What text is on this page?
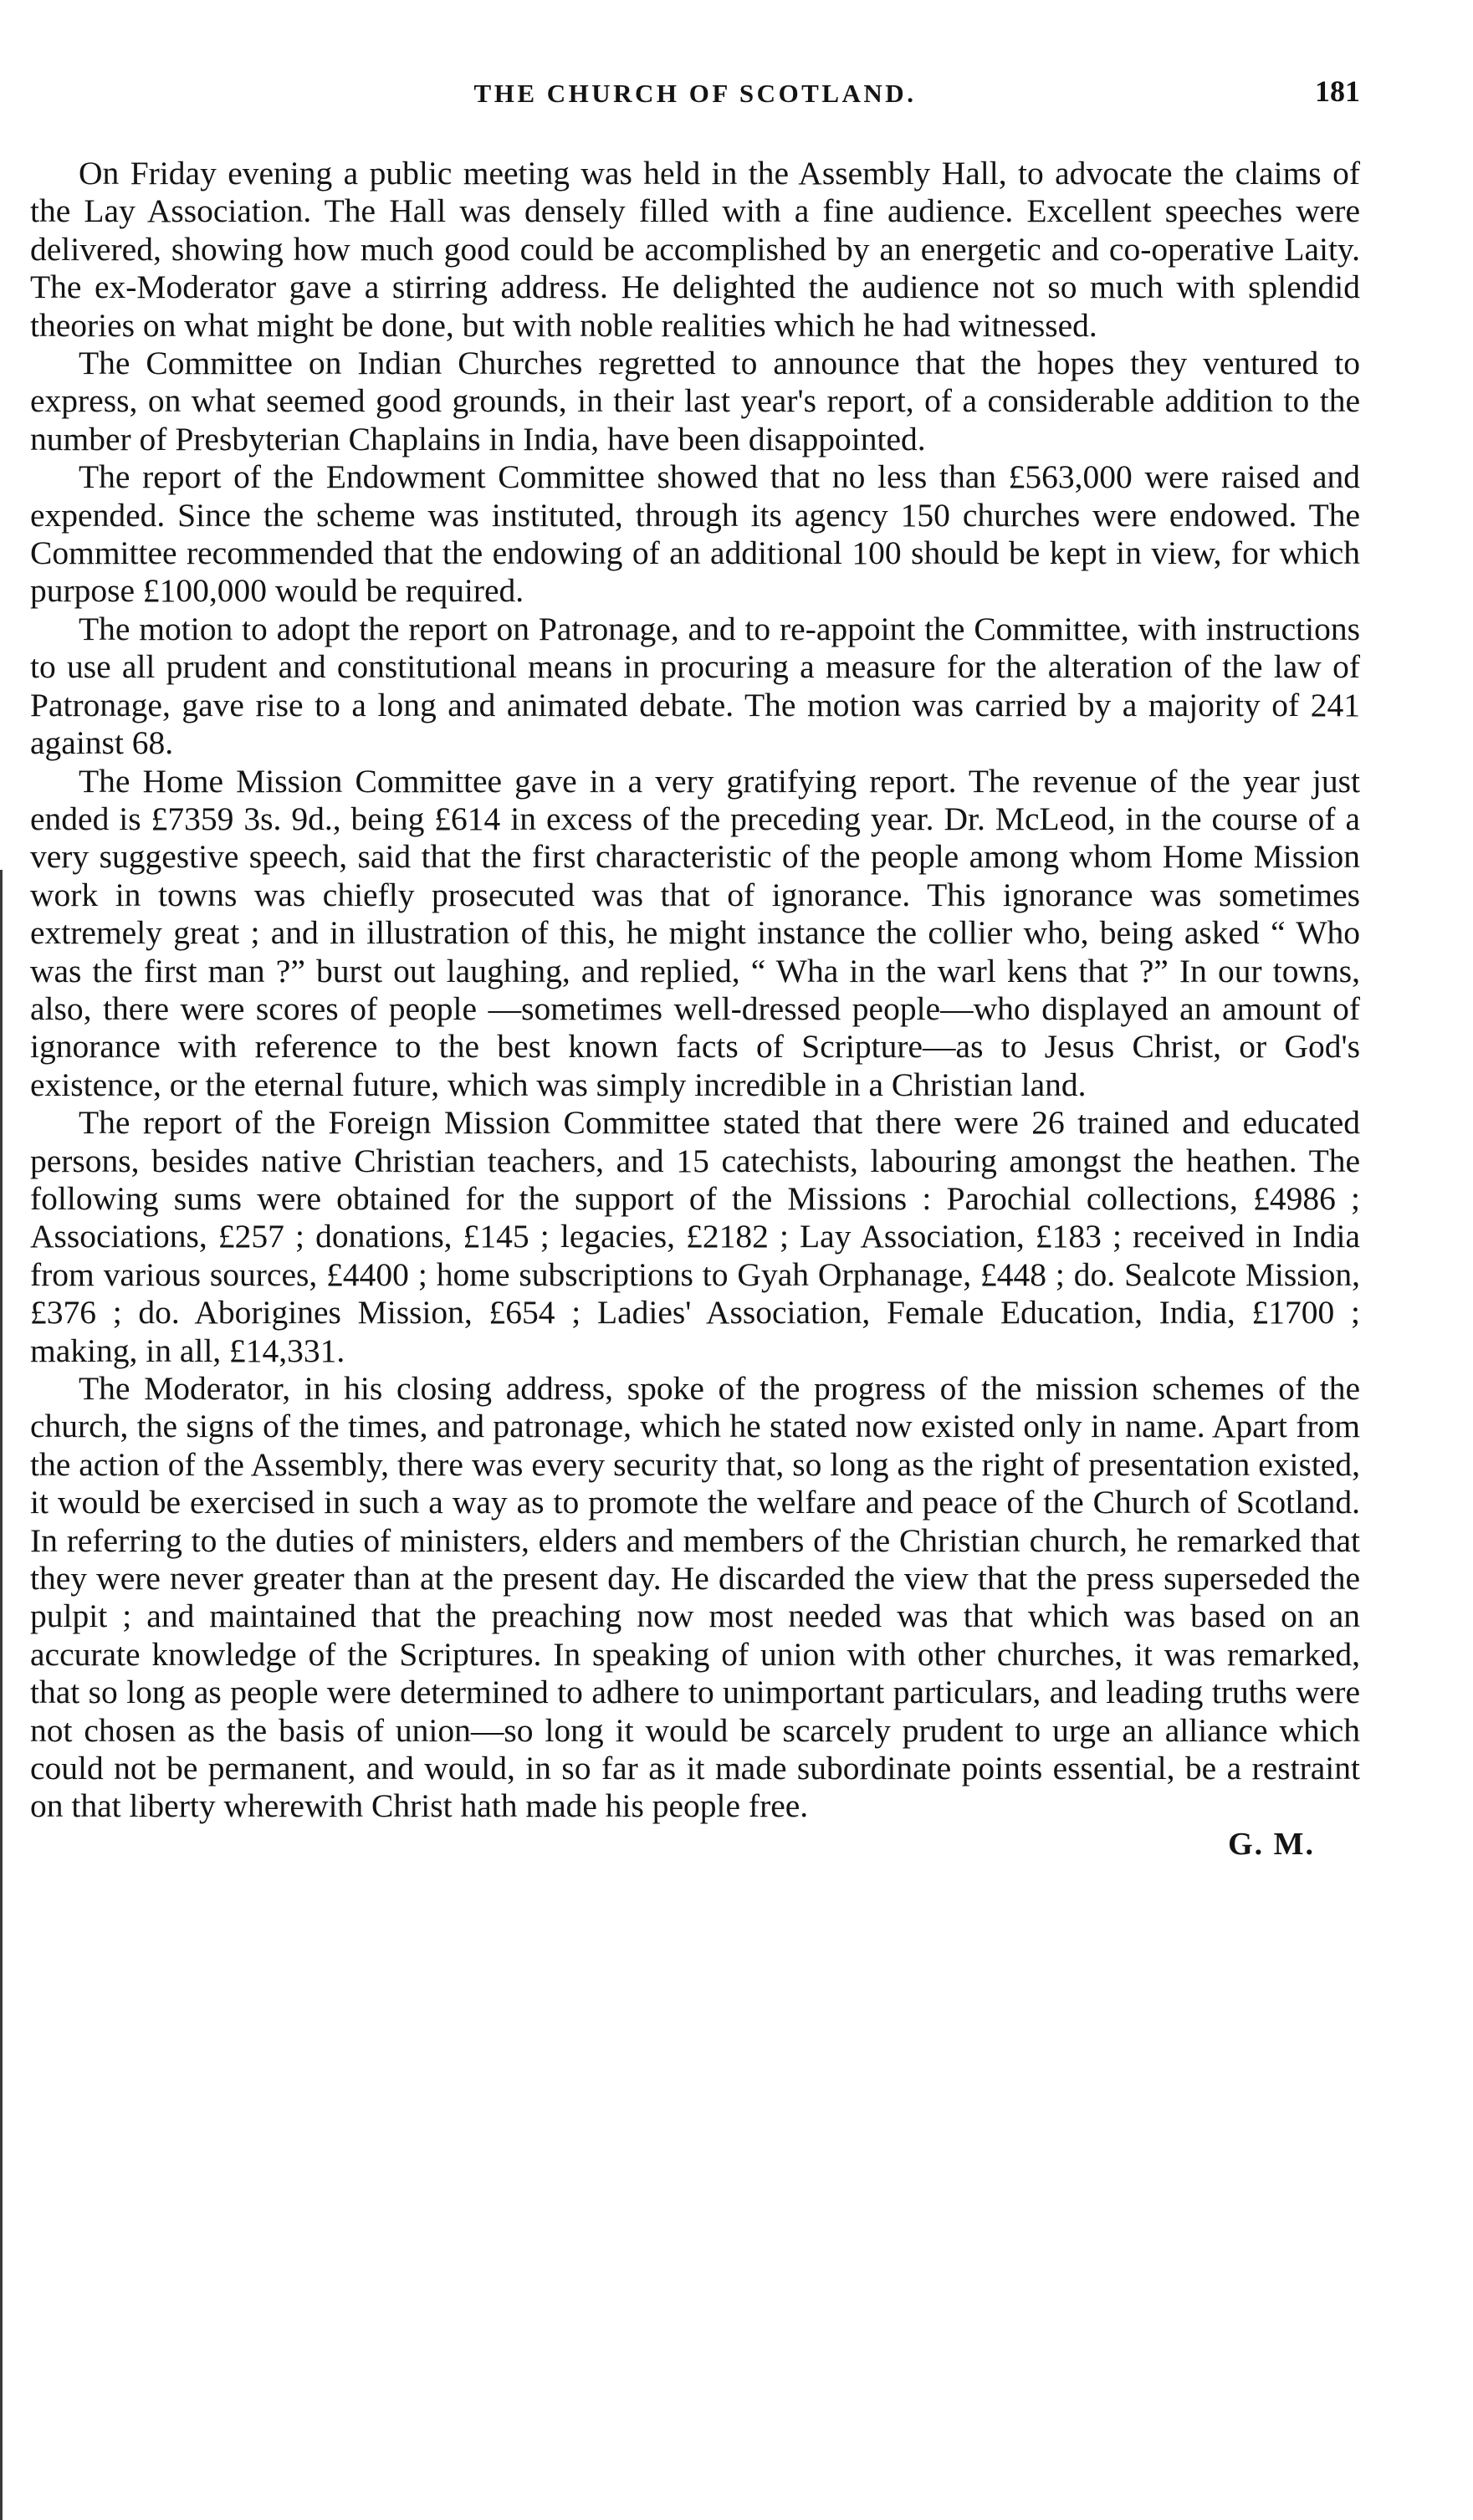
THE CHURCH OF SCOTLAND.	181

On Friday evening a public meeting was held in the Assembly Hall, to advocate the claims of the Lay Association. The Hall was densely filled with a fine audience. Excellent speeches were delivered, showing how much good could be accomplished by an energetic and co-operative Laity. The ex-Moderator gave a stirring address. He delighted the audience not so much with splendid theories on what might be done, but with noble realities which he had witnessed.

The Committee on Indian Churches regretted to announce that the hopes they ventured to express, on what seemed good grounds, in their last year's report, of a considerable addition to the number of Presbyterian Chaplains in India, have been disappointed.

The report of the Endowment Committee showed that no less than £563,000 were raised and expended. Since the scheme was instituted, through its agency 150 churches were endowed. The Committee recommended that the endowing of an additional 100 should be kept in view, for which purpose £100,000 would be required.

The motion to adopt the report on Patronage, and to re-appoint the Committee, with instructions to use all prudent and constitutional means in procuring a measure for the alteration of the law of Patronage, gave rise to a long and animated debate. The motion was carried by a majority of 241 against 68.

The Home Mission Committee gave in a very gratifying report. The revenue of the year just ended is £7359 3s. 9d., being £614 in excess of the preceding year. Dr. McLeod, in the course of a very suggestive speech, said that the first characteristic of the people among whom Home Mission work in towns was chiefly prosecuted was that of ignorance. This ignorance was sometimes extremely great ; and in illustration of this, he might instance the collier who, being asked “ Who was the first man ?” burst out laughing, and replied, “ Wha in the warl kens that ?” In our towns, also, there were scores of people —sometimes well-dressed people—who displayed an amount of ignorance with reference to the best known facts of Scripture—as to Jesus Christ, or God's existence, or the eternal future, which was simply incredible in a Christian land.

The report of the Foreign Mission Committee stated that there were 26 trained and educated persons, besides native Christian teachers, and 15 catechists, labouring amongst the heathen. The following sums were obtained for the support of the Missions : Parochial collections, £4986 ; Associations, £257 ; donations, £145 ; legacies, £2182 ; Lay Association, £183 ; received in India from various sources, £4400 ; home subscriptions to Gyah Orphanage, £448 ; do. Sealcote Mission, £376 ; do. Aborigines Mission, £654 ; Ladies' Association, Female Education, India, £1700 ; making, in all, £14,331.

The Moderator, in his closing address, spoke of the progress of the mission schemes of the church, the signs of the times, and patronage, which he stated now existed only in name. Apart from the action of the Assembly, there was every security that, so long as the right of presentation existed, it would be exercised in such a way as to promote the welfare and peace of the Church of Scotland. In referring to the duties of ministers, elders and members of the Christian church, he remarked that they were never greater than at the present day. He discarded the view that the press superseded the pulpit ; and maintained that the preaching now most needed was that which was based on an accurate knowledge of the Scriptures. In speaking of union with other churches, it was remarked, that so long as people were determined to adhere to unimportant particulars, and leading truths were not chosen as the basis of union—so long it would be scarcely prudent to urge an alliance which could not be permanent, and would, in so far as it made subordinate points essential, be a restraint on that liberty wherewith Christ hath made his people free.

G. M.
